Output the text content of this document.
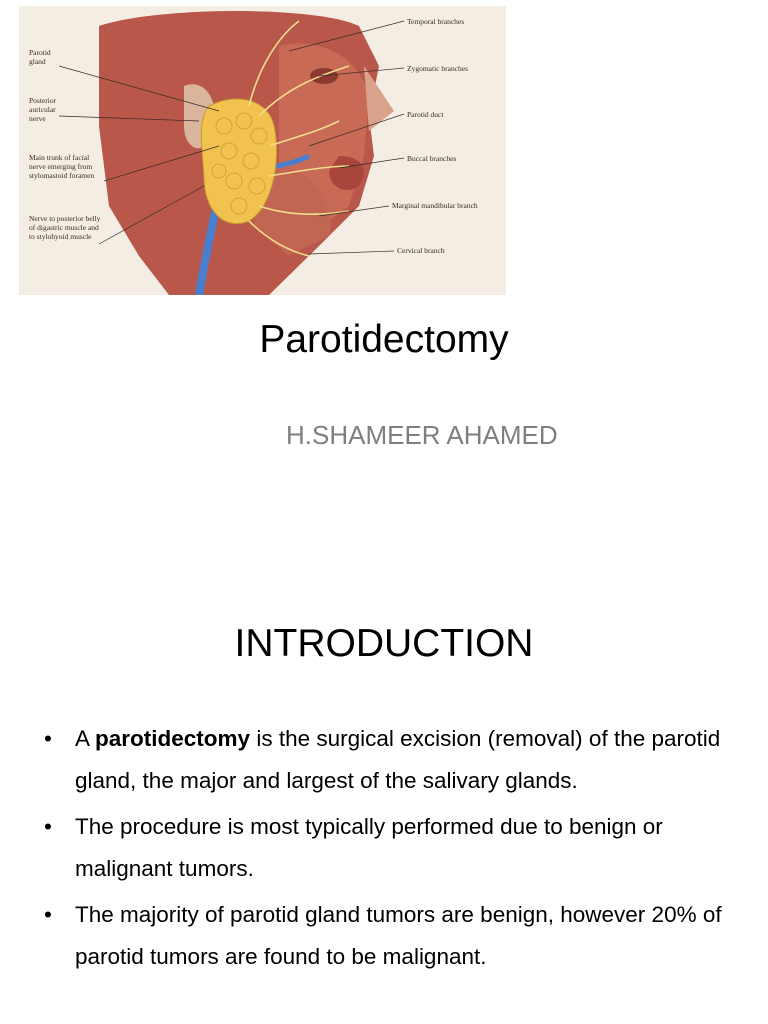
Temporal branches
Zygomatic branches
Parotid duct
Buccal branches
Marginal mandibular branch
Cervical branch
Parotid gland
Posterior auricular nerve
Main trunk of facial nerve emerging from stylomastoid foramen
Nerve to posterior belly of digastric muscle and to stylohyoid muscle
Parotidectomy
H.SHAMEER AHAMED
INTRODUCTION
• A parotidectomy is the surgical excision (removal) of the parotid gland, the major and largest of the salivary glands.
• The procedure is most typically performed due to benign or malignant tumors.
• The majority of parotid gland tumors are benign, however 20% of parotid tumors are found to be malignant.
